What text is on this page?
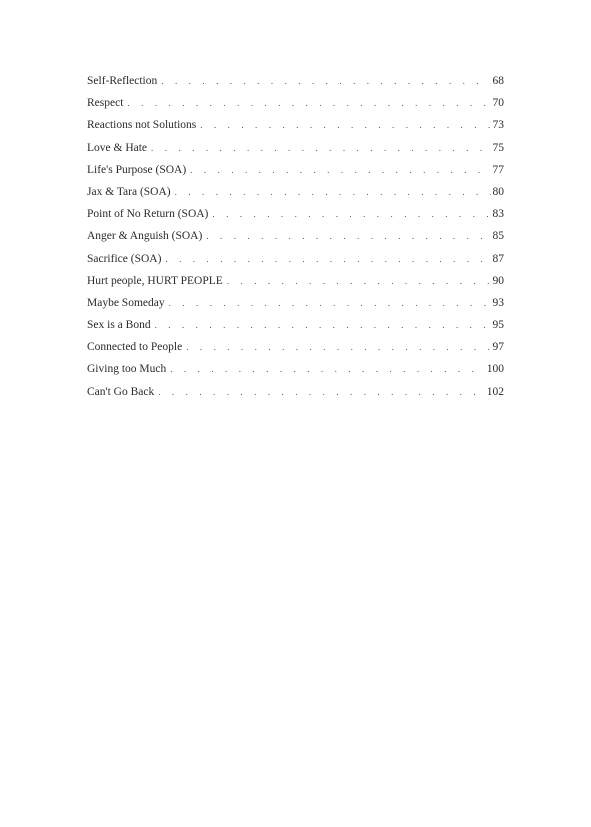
Self-Reflection . . .	68
Respect . . .	70
Reactions not Solutions . . .	73
Love & Hate . . .	75
Life's Purpose (SOA) . . .	77
Jax & Tara (SOA) . . .	80
Point of No Return (SOA) . . .	83
Anger & Anguish (SOA) . . .	85
Sacrifice (SOA) . . .	87
Hurt people, HURT PEOPLE . . .	90
Maybe Someday . . .	93
Sex is a Bond . . .	95
Connected to People . . .	97
Giving too Much . . .	100
Can't Go Back . . .	102
